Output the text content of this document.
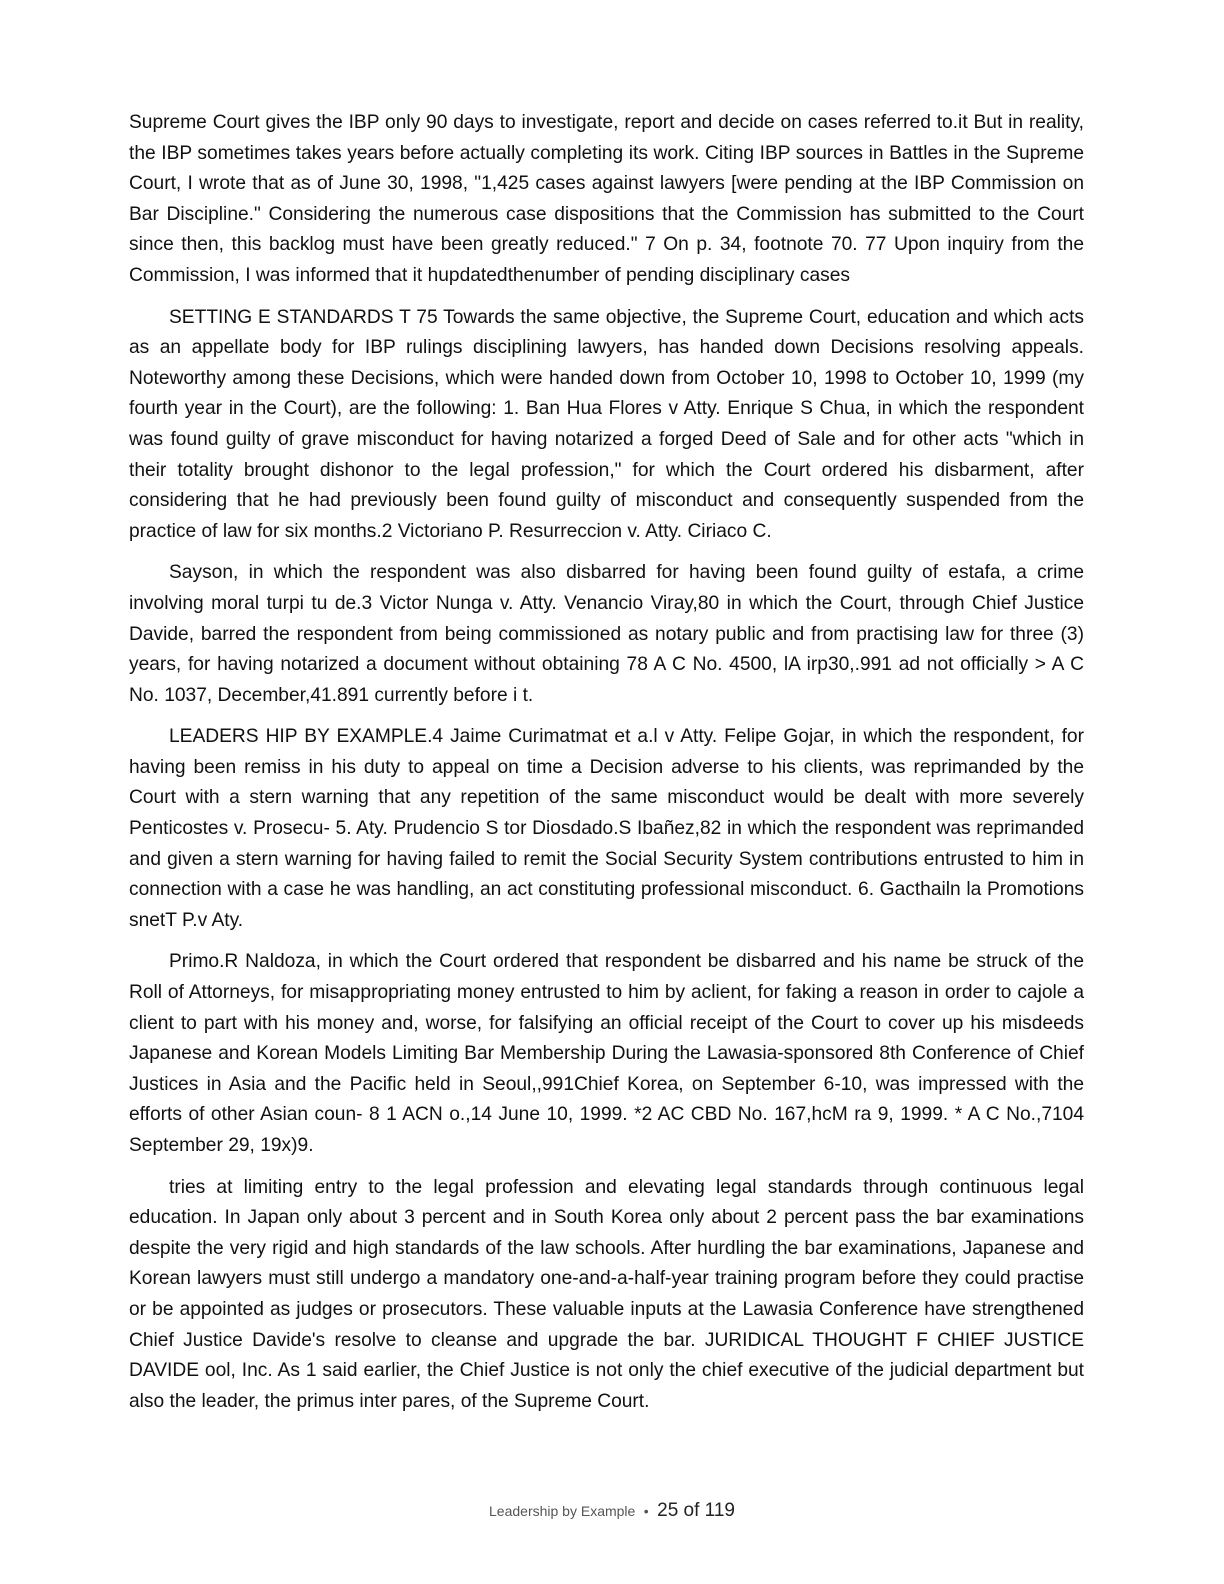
Supreme Court gives the IBP only 90 days to investigate, report and decide on cases referred to.it But in reality, the IBP sometimes takes years before actually completing its work. Citing IBP sources in Battles in the Supreme Court, I wrote that as of June 30, 1998, "1,425 cases against lawyers [were pending at the IBP Commission on Bar Discipline." Considering the numerous case dispositions that the Commission has submitted to the Court since then, this backlog must have been greatly reduced." 7 On p. 34, footnote 70. 77 Upon inquiry from the Commission, I was informed that it hupdatedthenumber of pending disciplinary cases

SETTING E STANDARDS T 75 Towards the same objective, the Supreme Court, education and which acts as an appellate body for IBP rulings disciplining lawyers, has handed down Decisions resolving appeals. Noteworthy among these Decisions, which were handed down from October 10, 1998 to October 10, 1999 (my fourth year in the Court), are the following: 1. Ban Hua Flores v Atty. Enrique S Chua, in which the respondent was found guilty of grave misconduct for having notarized a forged Deed of Sale and for other acts "which in their totality brought dishonor to the legal profession," for which the Court ordered his disbarment, after considering that he had previously been found guilty of misconduct and consequently suspended from the practice of law for six months.2 Victoriano P. Resurreccion v. Atty. Ciriaco C.

Sayson, in which the respondent was also disbarred for having been found guilty of estafa, a crime involving moral turpi tu de.3 Victor Nunga v. Atty. Venancio Viray,80 in which the Court, through Chief Justice Davide, barred the respondent from being commissioned as notary public and from practising law for three (3) years, for having notarized a document without obtaining 78 A C No. 4500, lA irp30,.991 ad not officially > A C No. 1037, December,41.891 currently before i t.

LEADERS HIP BY EXAMPLE.4 Jaime Curimatmat et a.l v Atty. Felipe Gojar, in which the respondent, for having been remiss in his duty to appeal on time a Decision adverse to his clients, was reprimanded by the Court with a stern warning that any repetition of the same misconduct would be dealt with more severely Penticostes v. Prosecu- 5. Aty. Prudencio S tor Diosdado.S Ibañez,82 in which the respondent was reprimanded and given a stern warning for having failed to remit the Social Security System contributions entrusted to him in connection with a case he was handling, an act constituting professional misconduct. 6. Gacthailn la Promotions snetT P.v Aty.

Primo.R Naldoza, in which the Court ordered that respondent be disbarred and his name be struck of the Roll of Attorneys, for misappropriating money entrusted to him by aclient, for faking a reason in order to cajole a client to part with his money and, worse, for falsifying an official receipt of the Court to cover up his misdeeds Japanese and Korean Models Limiting Bar Membership During the Lawasia-sponsored 8th Conference of Chief Justices in Asia and the Pacific held in Seoul,,991Chief Korea, on September 6-10, was impressed with the efforts of other Asian coun- 8 1 ACN o.,14 June 10, 1999. *2 AC CBD No. 167,hcM ra 9, 1999. * A C No.,7104 September 29, 19x)9.

tries at limiting entry to the legal profession and elevating legal standards through continuous legal education. In Japan only about 3 percent and in South Korea only about 2 percent pass the bar examinations despite the very rigid and high standards of the law schools. After hurdling the bar examinations, Japanese and Korean lawyers must still undergo a mandatory one-and-a-half-year training program before they could practise or be appointed as judges or prosecutors. These valuable inputs at the Lawasia Conference have strengthened Chief Justice Davide's resolve to cleanse and upgrade the bar. JURIDICAL THOUGHT F CHIEF JUSTICE DAVIDE ool, Inc. As 1 said earlier, the Chief Justice is not only the chief executive of the judicial department but also the leader, the primus inter pares, of the Supreme Court.

Leadership by Example • 25 of 119
